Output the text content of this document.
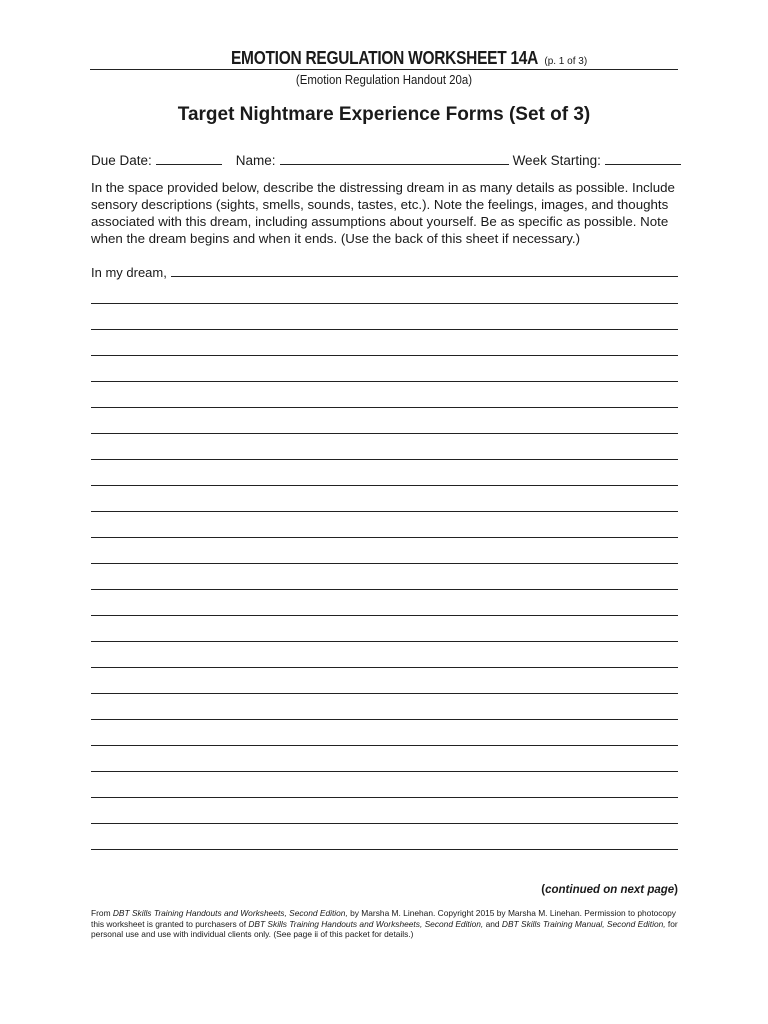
EMOTION REGULATION WORKSHEET 14A (p. 1 of 3)
(Emotion Regulation Handout 20a)
Target Nightmare Experience Forms (Set of 3)
Due Date:	Name:	Week Starting:
In the space provided below, describe the distressing dream in as many details as possible. Include sensory descriptions (sights, smells, sounds, tastes, etc.). Note the feelings, images, and thoughts associated with this dream, including assumptions about yourself. Be as specific as possible. Note when the dream begins and when it ends. (Use the back of this sheet if necessary.)
In my dream,
(continued on next page)
From DBT Skills Training Handouts and Worksheets, Second Edition, by Marsha M. Linehan. Copyright 2015 by Marsha M. Linehan. Permission to photocopy this worksheet is granted to purchasers of DBT Skills Training Handouts and Worksheets, Second Edition, and DBT Skills Training Manual, Second Edition, for personal use and use with individual clients only. (See page ii of this packet for details.)
